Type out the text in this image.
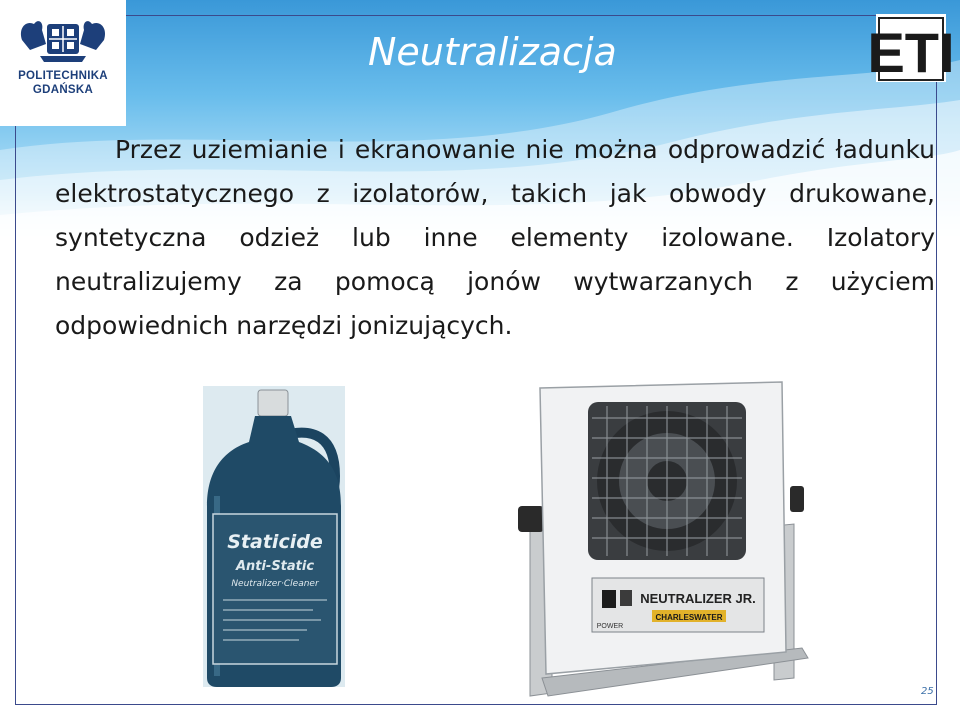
POLITECHNIKA
GDAŃSKA
ETI
Neutralizacja
Przez uziemianie i ekranowanie nie można odprowadzić ładunku elektrostatycznego z izolatorów, takich jak obwody drukowane, syntetyczna odzież lub inne elementy izolowane. Izolatory neutralizujemy za pomocą jonów wytwarzanych z użyciem odpowiednich narzędzi jonizujących.
Staticide
Anti-Static
Neutralizer·Cleaner
NEUTRALIZER JR.
CHARLESWATER
POWER
25
